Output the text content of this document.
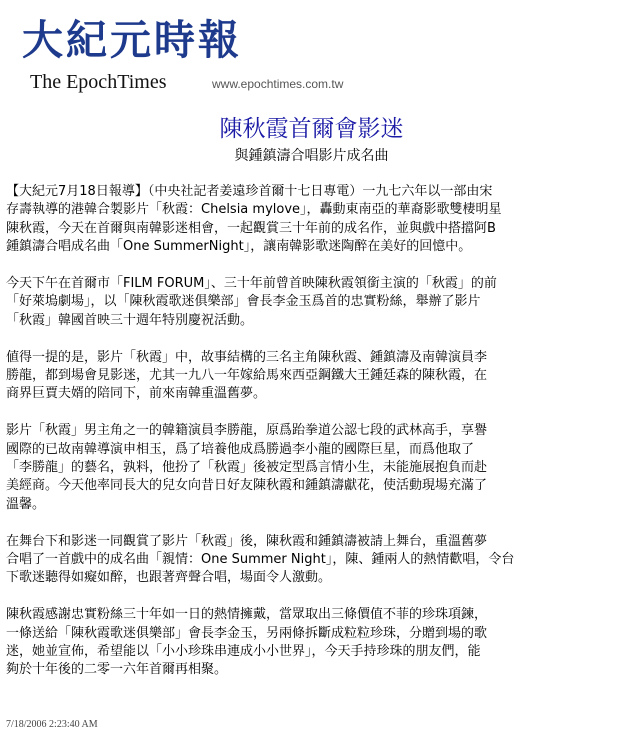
大紀元時報
The EpochTimes	www.epochtimes.com.tw
陳秋霞首爾會影迷
與鍾鎮濤合唱影片成名曲

【大紀元7月18日報導】（中央社記者姜遠珍首爾十七日專電）一九七六年以一部由宋
存壽執導的港韓合製影片「秋霞：Chelsia mylove」，轟動東南亞的華裔影歌雙棲明星
陳秋霞，今天在首爾與南韓影迷相會，一起觀賞三十年前的成名作，並與戲中搭擋阿B
鍾鎮濤合唱成名曲「One SummerNight」，讓南韓影歌迷陶醉在美好的回憶中。

今天下午在首爾市「FILM FORUM」、三十年前曾首映陳秋霞領銜主演的「秋霞」的前
「好萊塢劇場」，以「陳秋霞歌迷俱樂部」會長李金玉爲首的忠實粉絲，舉辦了影片
「秋霞」韓國首映三十週年特別慶祝活動。

値得一提的是，影片「秋霞」中，故事結構的三名主角陳秋霞、鍾鎮濤及南韓演員李
勝龍，都到場會見影迷，尤其一九八一年嫁給馬來西亞鋼鐵大王鍾廷森的陳秋霞，在
商界巨賈夫婿的陪同下，前來南韓重溫舊夢。

影片「秋霞」男主角之一的韓籍演員李勝龍，原爲跆拳道公認七段的武林高手，享譽
國際的已故南韓導演申相玉，爲了培養他成爲勝過李小龍的國際巨星，而爲他取了
「李勝龍」的藝名，孰料，他扮了「秋霞」後被定型爲言情小生，未能施展抱負而赴
美經商。今天他率同長大的兒女向昔日好友陳秋霞和鍾鎮濤獻花，使活動現場充滿了
溫馨。

在舞台下和影迷一同觀賞了影片「秋霞」後，陳秋霞和鍾鎮濤被請上舞台，重溫舊夢
合唱了一首戲中的成名曲「親情：One Summer Night」，陳、鍾兩人的熱情歡唱，令台
下歌迷聽得如癡如醉，也跟著齊聲合唱，場面令人激動。

陳秋霞感謝忠實粉絲三十年如一日的熱情擁戴，當眾取出三條價值不菲的珍珠項鍊，
一條送給「陳秋霞歌迷俱樂部」會長李金玉，另兩條拆斷成粒粒珍珠，分贈到場的歌
迷，她並宣佈，希望能以「小小珍珠串連成小小世界」，今天手持珍珠的朋友們，能
夠於十年後的二零一六年首爾再相聚。

7/18/2006 2:23:40 AM
